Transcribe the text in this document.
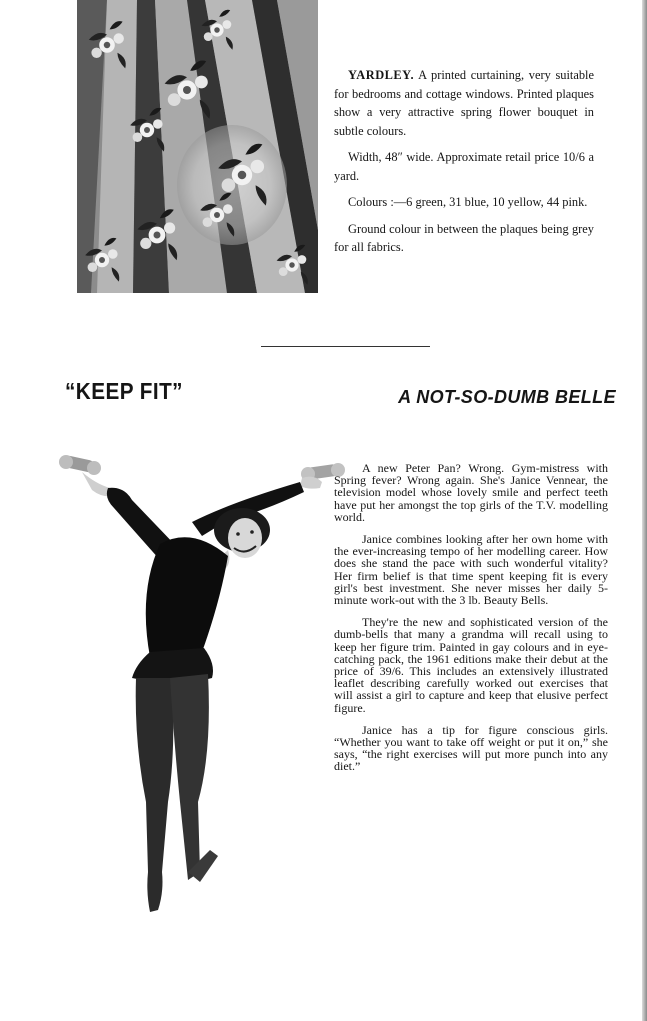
YARDLEY. A printed curtaining, very suitable for bedrooms and cottage windows. Printed plaques show a very attractive spring flower bouquet in subtle colours.

Width, 48″ wide. Approximate retail price 10/6 a yard.

Colours :—6 green, 31 blue, 10 yellow, 44 pink.

Ground colour in between the plaques being grey for all fabrics.

“KEEP FIT”	A NOT-SO-DUMB BELLE

A new Peter Pan? Wrong. Gym-mistress with Spring fever? Wrong again. She's Janice Vennear, the television model whose lovely smile and perfect teeth have put her amongst the top girls of the T.V. modelling world.

Janice combines looking after her own home with the ever-increasing tempo of her modelling career. How does she stand the pace with such wonderful vitality? Her firm belief is that time spent keeping fit is every girl's best investment. She never misses her daily 5-minute work-out with the 3 lb. Beauty Bells.

They're the new and sophisticated version of the dumb-bells that many a grandma will recall using to keep her figure trim. Painted in gay colours and in eye-catching pack, the 1961 editions make their debut at the price of 39/6. This includes an extensively illustrated leaflet describing carefully worked out exercises that will assist a girl to capture and keep that elusive perfect figure.

Janice has a tip for figure conscious girls. “Whether you want to take off weight or put it on,” she says, “the right exercises will put more punch into any diet.”
